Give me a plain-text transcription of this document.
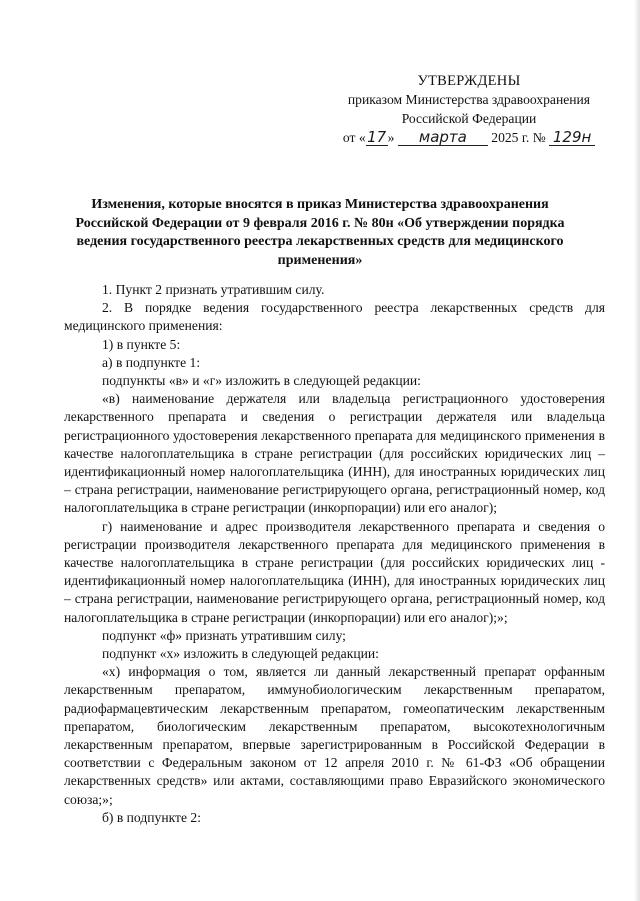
УТВЕРЖДЕНЫ
приказом Министерства здравоохранения
Российской Федерации
от «17» марта 2025 г. № 129н
Изменения, которые вносятся в приказ Министерства здравоохранения Российской Федерации от 9 февраля 2016 г. № 80н «Об утверждении порядка ведения государственного реестра лекарственных средств для медицинского применения»

1. Пункт 2 признать утратившим силу.

2. В порядке ведения государственного реестра лекарственных средств для медицинского применения:

1) в пункте 5:

а) в подпункте 1:

подпункты «в» и «г» изложить в следующей редакции:

«в) наименование держателя или владельца регистрационного удостоверения лекарственного препарата и сведения о регистрации держателя или владельца регистрационного удостоверения лекарственного препарата для медицинского применения в качестве налогоплательщика в стране регистрации (для российских юридических лиц – идентификационный номер налогоплательщика (ИНН), для иностранных юридических лиц – страна регистрации, наименование регистрирующего органа, регистрационный номер, код налогоплательщика в стране регистрации (инкорпорации) или его аналог);

г) наименование и адрес производителя лекарственного препарата и сведения о регистрации производителя лекарственного препарата для медицинского применения в качестве налогоплательщика в стране регистрации (для российских юридических лиц - идентификационный номер налогоплательщика (ИНН), для иностранных юридических лиц – страна регистрации, наименование регистрирующего органа, регистрационный номер, код налогоплательщика в стране регистрации (инкорпорации) или его аналог);»;

подпункт «ф» признать утратившим силу;

подпункт «х» изложить в следующей редакции:

«х) информация о том, является ли данный лекарственный препарат орфанным лекарственным препаратом, иммунобиологическим лекарственным препаратом, радиофармацевтическим лекарственным препаратом, гомеопатическим лекарственным препаратом, биологическим лекарственным препаратом, высокотехнологичным лекарственным препаратом, впервые зарегистрированным в Российской Федерации в соответствии с Федеральным законом от 12 апреля 2010 г. № 61-ФЗ «Об обращении лекарственных средств» или актами, составляющими право Евразийского экономического союза;»;

б) в подпункте 2:
